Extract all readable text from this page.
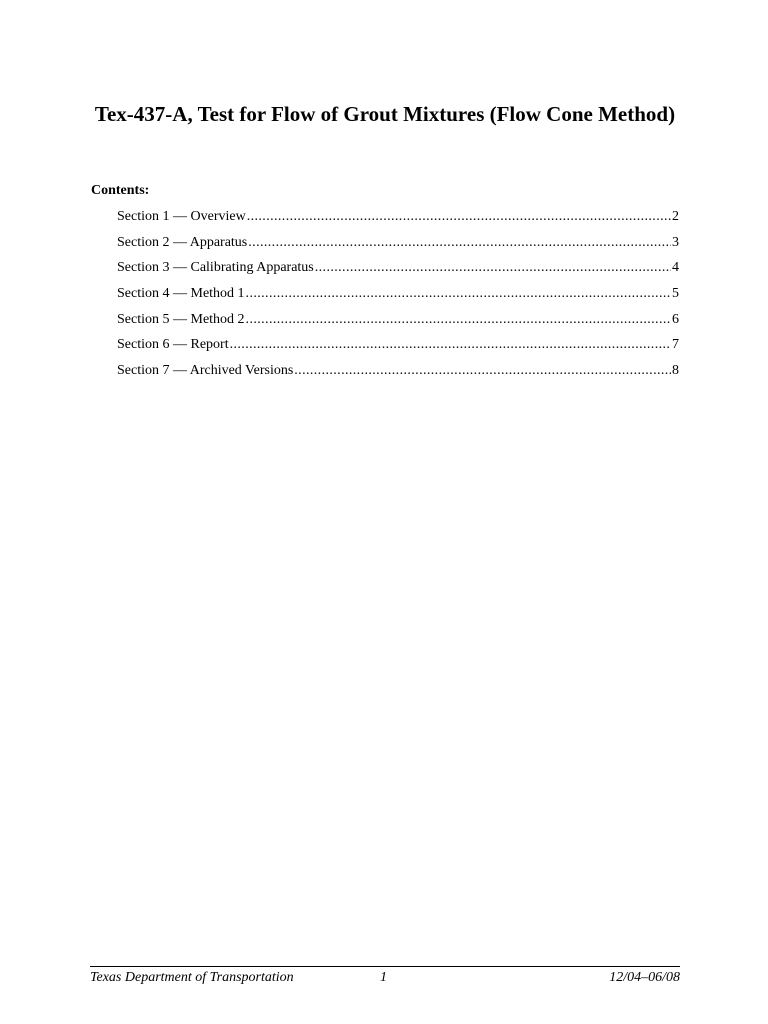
Tex-437-A, Test for Flow of Grout Mixtures (Flow Cone Method)

Contents:

Section 1 — Overview .....	2
Section 2 — Apparatus .....	3
Section 3 — Calibrating Apparatus .....	4
Section 4 — Method 1 .....	5
Section 5 — Method 2 .....	6
Section 6 — Report .....	7
Section 7 — Archived Versions .....	8
Texas Department of Transportation	1	12/04–06/08
